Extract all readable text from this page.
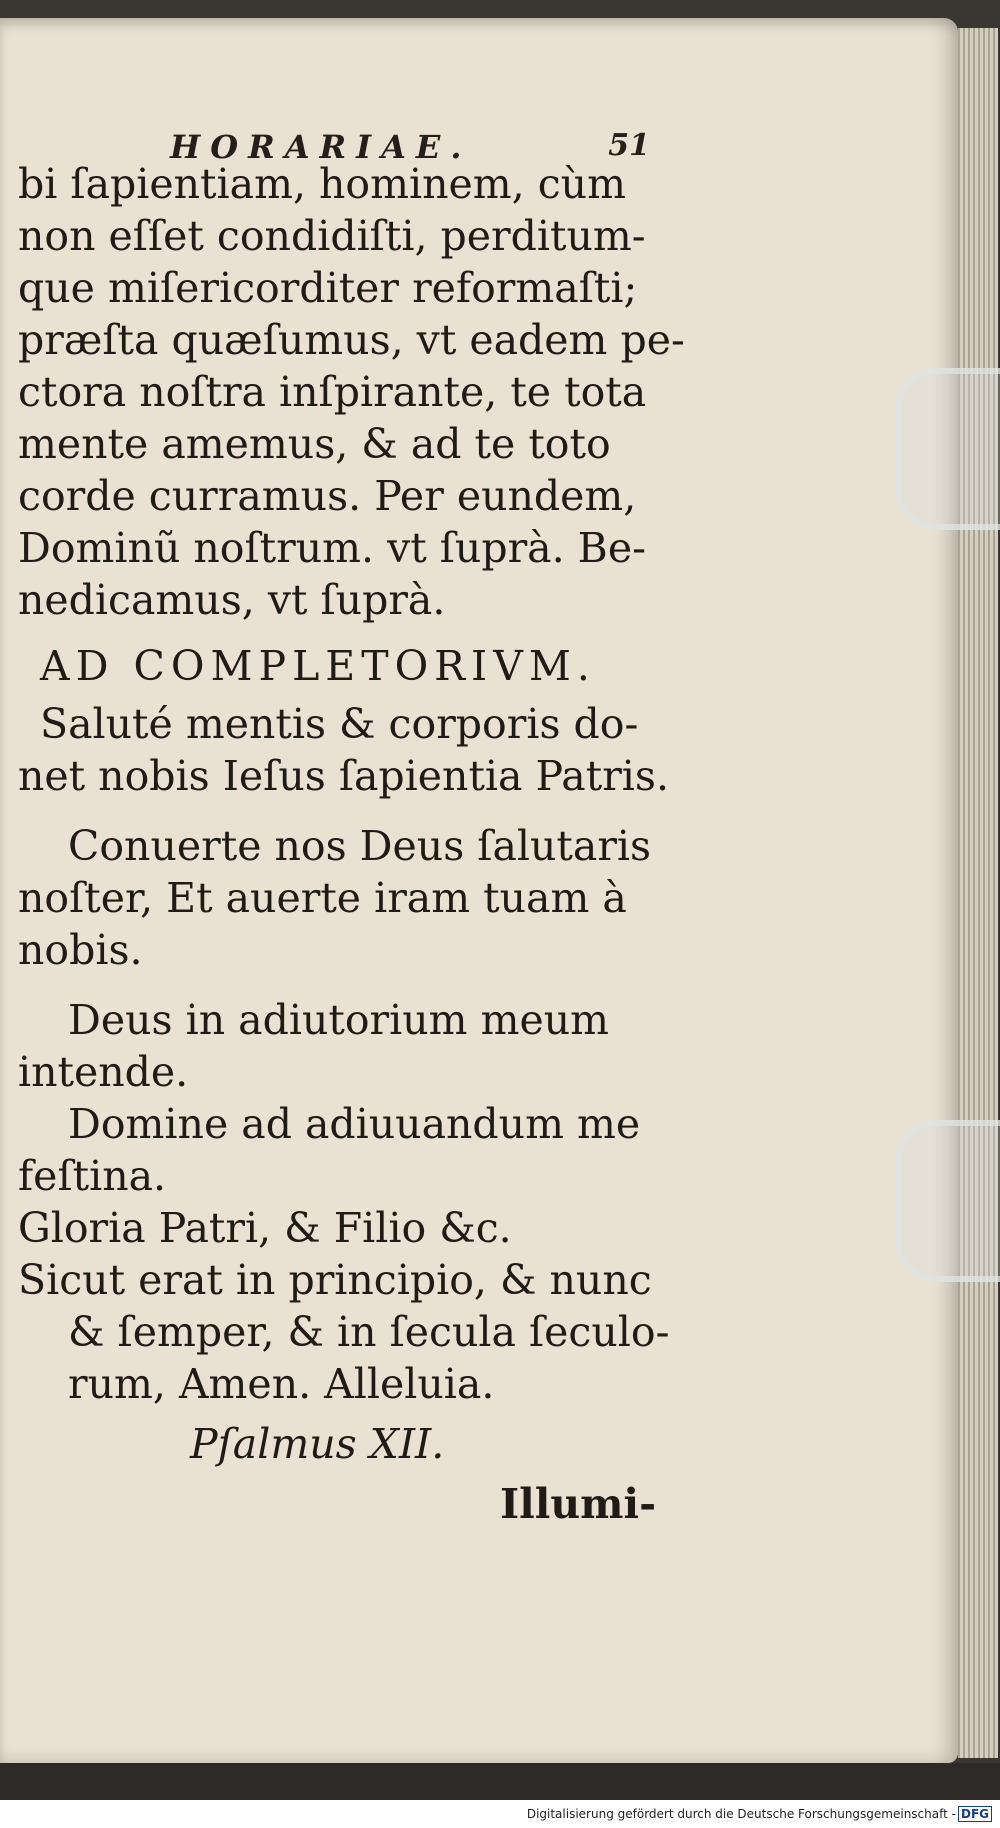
HORARIAE.	51
bi ſapientiam, hominem, cùm
non eſſet condidiſti, perditum-
que miſericorditer reformaſti;
præſta quæſumus, vt eadem pe-
ctora noſtra inſpirante, te tota
mente amemus, & ad te toto
corde curramus. Per eundem,
Dominũ noſtrum. vt ſuprà. Be-
nedicamus, vt ſuprà.
AD COMPLETORIVM.
Saluté mentis & corporis do-
net nobis Ieſus ſapientia Patris.
Conuerte nos Deus ſalutaris
noſter, Et auerte iram tuam à
nobis.
Deus in adiutorium meum
intende.
Domine ad adiuuandum me
feſtina.
Gloria Patri, & Filio &c.
Sicut erat in principio, & nunc
& ſemper, & in ſecula ſeculo-
rum, Amen. Alleluia.
Pſalmus XII.
Illumi-
Digitalisierung gefördert durch die Deutsche Forschungsgemeinschaft - DFG
